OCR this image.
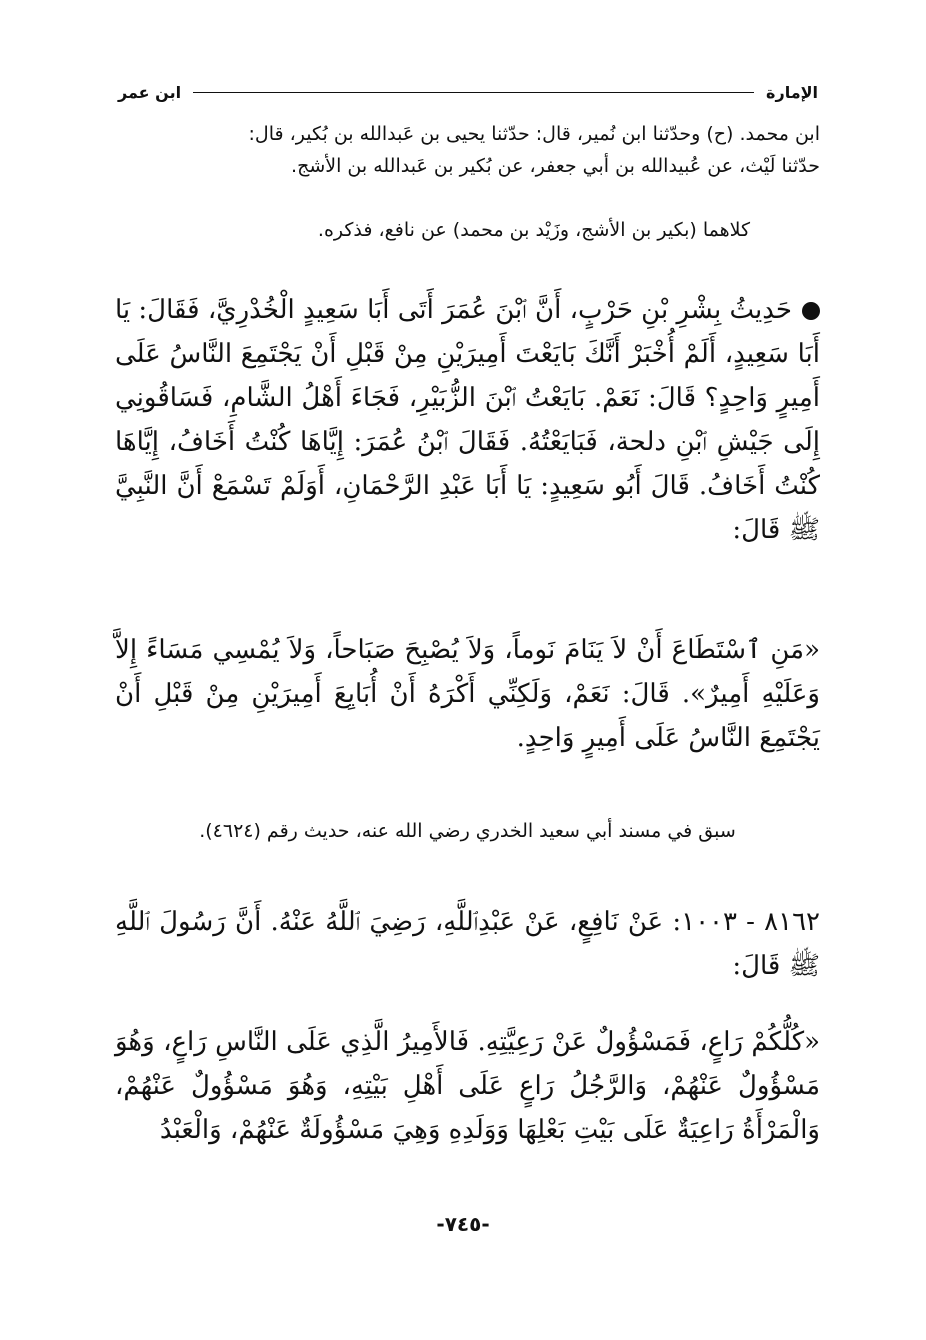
الإمارة
ابن عمر
ابن محمد. (ح) وحدّثنا ابن نُمير، قال: حدّثنا يحيى بن عَبدالله بن بُكير، قال:
حدّثنا لَيْث، عن عُبيدالله بن أبي جعفر، عن بُكير بن عَبدالله بن الأشج.
كلاهما (بكير بن الأشج، وزَيْد بن محمد) عن نافع، فذكره.
حَدِيثُ بِشْرِ بْنِ حَرْبٍ، أَنَّ ٱبْنَ عُمَرَ أَتَى أَبَا سَعِيدٍ الْخُدْرِيَّ، فَقَالَ: يَا أَبَا سَعِيدٍ، أَلَمْ أُخْبَرْ أَنَّكَ بَايَعْتَ أَمِيرَيْنِ مِنْ قَبْلِ أَنْ يَجْتَمِعَ النَّاسُ عَلَى أَمِيرٍ وَاحِدٍ؟ قَالَ: نَعَمْ. بَايَعْتُ ٱبْنَ الزُّبَيْرِ، فَجَاءَ أَهْلُ الشَّامِ، فَسَاقُونِي إِلَى جَيْشِ ٱبْنِ دلحة، فَبَايَعْتُهُ. فَقَالَ ٱبْنُ عُمَرَ: إِيَّاهَا كُنْتُ أَخَافُ، إِيَّاهَا كُنْتُ أَخَافُ. قَالَ أَبُو سَعِيدٍ: يَا أَبَا عَبْدِ الرَّحْمَانِ، أَوَلَمْ تَسْمَعْ أَنَّ النَّبِيَّ ﷺ قَالَ:
«مَنِ ٱسْتَطَاعَ أَنْ لاَ يَنَامَ نَوماً، وَلاَ يُصْبِحَ صَبَاحاً، وَلاَ يُمْسِي مَسَاءً إِلاَّ وَعَلَيْهِ أَمِيرٌ». قَالَ: نَعَمْ، وَلَكِنِّي أَكْرَهُ أَنْ أُبَايِعَ أَمِيرَيْنِ مِنْ قَبْلِ أَنْ يَجْتَمِعَ النَّاسُ عَلَى أَمِيرٍ وَاحِدٍ.
سبق في مسند أبي سعيد الخدري رضي الله عنه، حديث رقم (٤٦٢٤).
٨١٦٢ - ١٠٠٣: عَنْ نَافِعٍ، عَنْ عَبْدِٱللَّهِ، رَضِيَ ٱللَّهُ عَنْهُ. أَنَّ رَسُولَ ٱللَّهِ ﷺ قَالَ:
«كُلُّكُمْ رَاعٍ، فَمَسْؤُولٌ عَنْ رَعِيَّتِهِ. فَالأَمِيرُ الَّذِي عَلَى النَّاسِ رَاعٍ، وَهُوَ مَسْؤُولٌ عَنْهُمْ، وَالرَّجُلُ رَاعٍ عَلَى أَهْلِ بَيْتِهِ، وَهُوَ مَسْؤُولٌ عَنْهُمْ، وَالْمَرْأَةُ رَاعِيَةٌ عَلَى بَيْتِ بَعْلِهَا وَوَلَدِهِ وَهِيَ مَسْؤُولَةٌ عَنْهُمْ، وَالْعَبْدُ
-٧٤٥-
